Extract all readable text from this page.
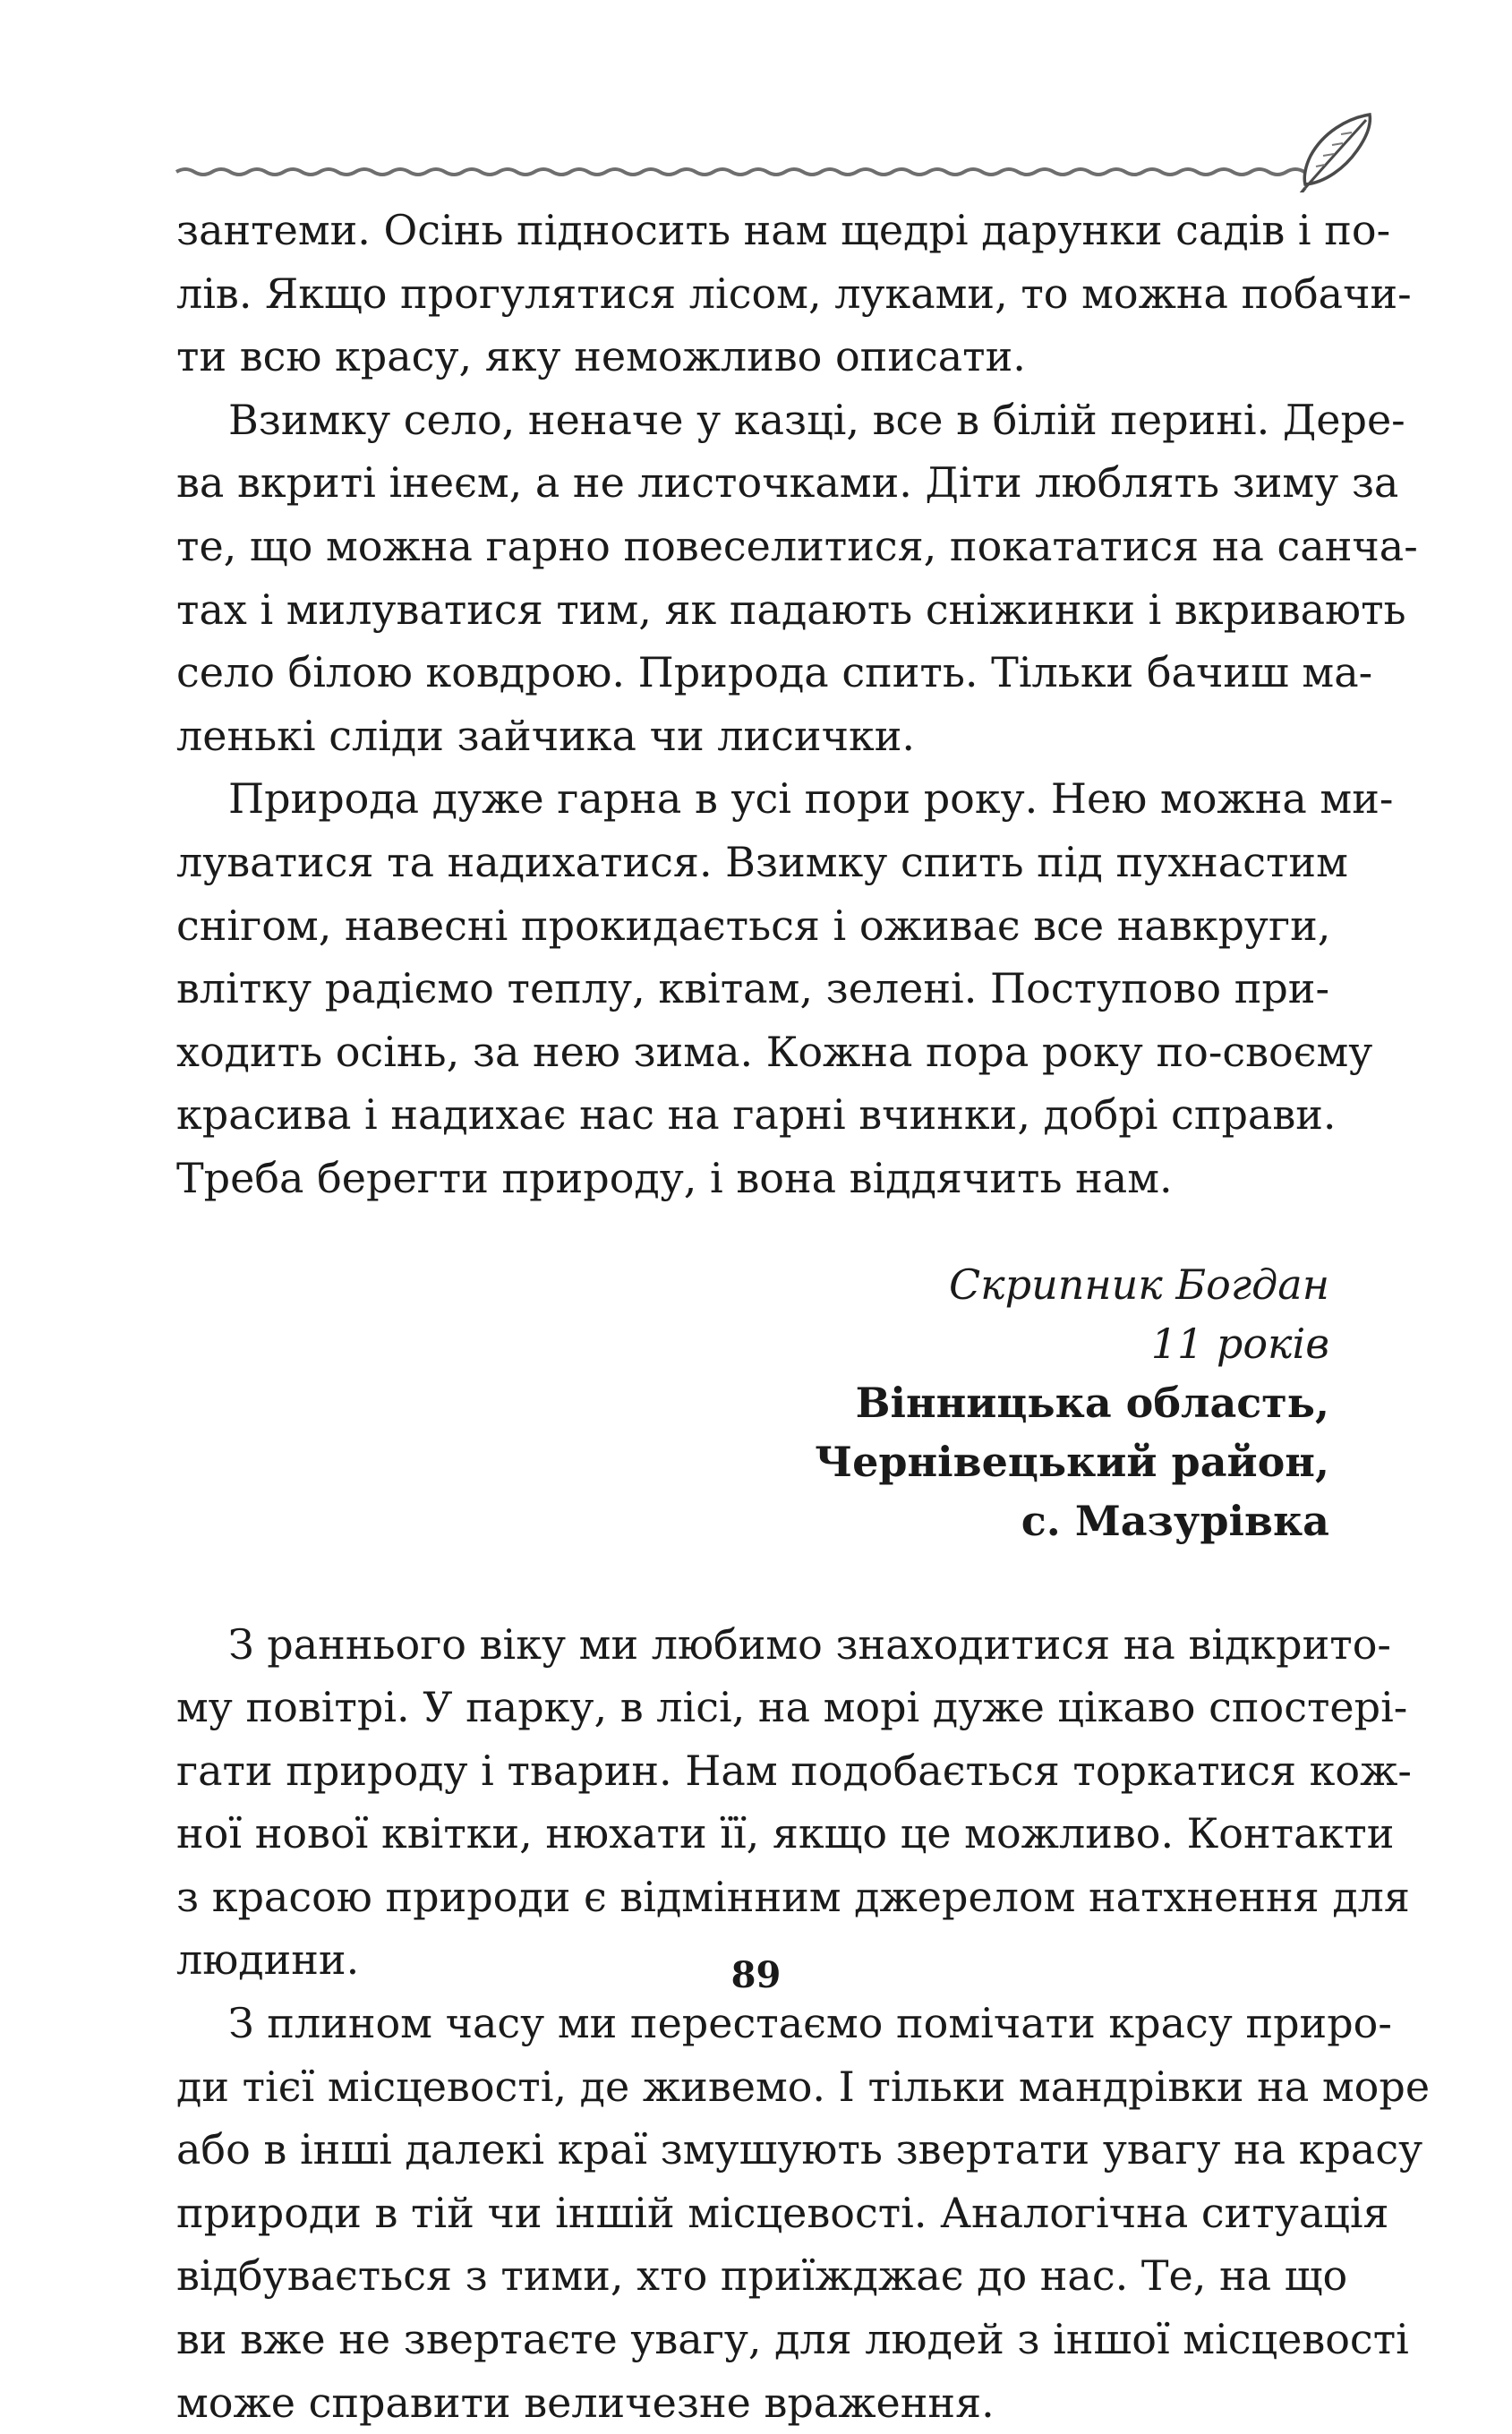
зантеми. Осінь підносить нам щедрі дарунки садів і по-
лів. Якщо прогулятися лісом, луками, то можна побачи-
ти всю красу, яку неможливо описати.
Взимку село, неначе у казці, все в білій перині. Дере-
ва вкриті інеєм, а не листочками. Діти люблять зиму за
те, що можна гарно повеселитися, покататися на санча-
тах і милуватися тим, як падають сніжинки і вкривають
село білою ковдрою. Природа спить. Тільки бачиш ма-
ленькі сліди зайчика чи лисички.
Природа дуже гарна в усі пори року. Нею можна ми-
луватися та надихатися. Взимку спить під пухнастим
снігом, навесні прокидається і оживає все навкруги,
влітку радіємо теплу, квітам, зелені. Поступово при-
ходить осінь, за нею зима. Кожна пора року по-своєму
красива і надихає нас на гарні вчинки, добрі справи.
Треба берегти природу, і вона віддячить нам.
Скрипник Богдан
11 років
Вінницька область,
Чернівецький район,
с. Мазурівка
З раннього віку ми любимо знаходитися на відкрито-
му повітрі. У парку, в лісі, на морі дуже цікаво спостері-
гати природу і тварин. Нам подобається торкатися кож-
ної нової квітки, нюхати її, якщо це можливо. Контакти
з красою природи є відмінним джерелом натхнення для
людини.
З плином часу ми перестаємо помічати красу приро-
ди тієї місцевості, де живемо. І тільки мандрівки на море
або в інші далекі краї змушують звертати увагу на красу
природи в тій чи іншій місцевості. Аналогічна ситуація
відбувається з тими, хто приїжджає до нас. Те, на що
ви вже не звертаєте увагу, для людей з іншої місцевості
може справити величезне враження.
89
